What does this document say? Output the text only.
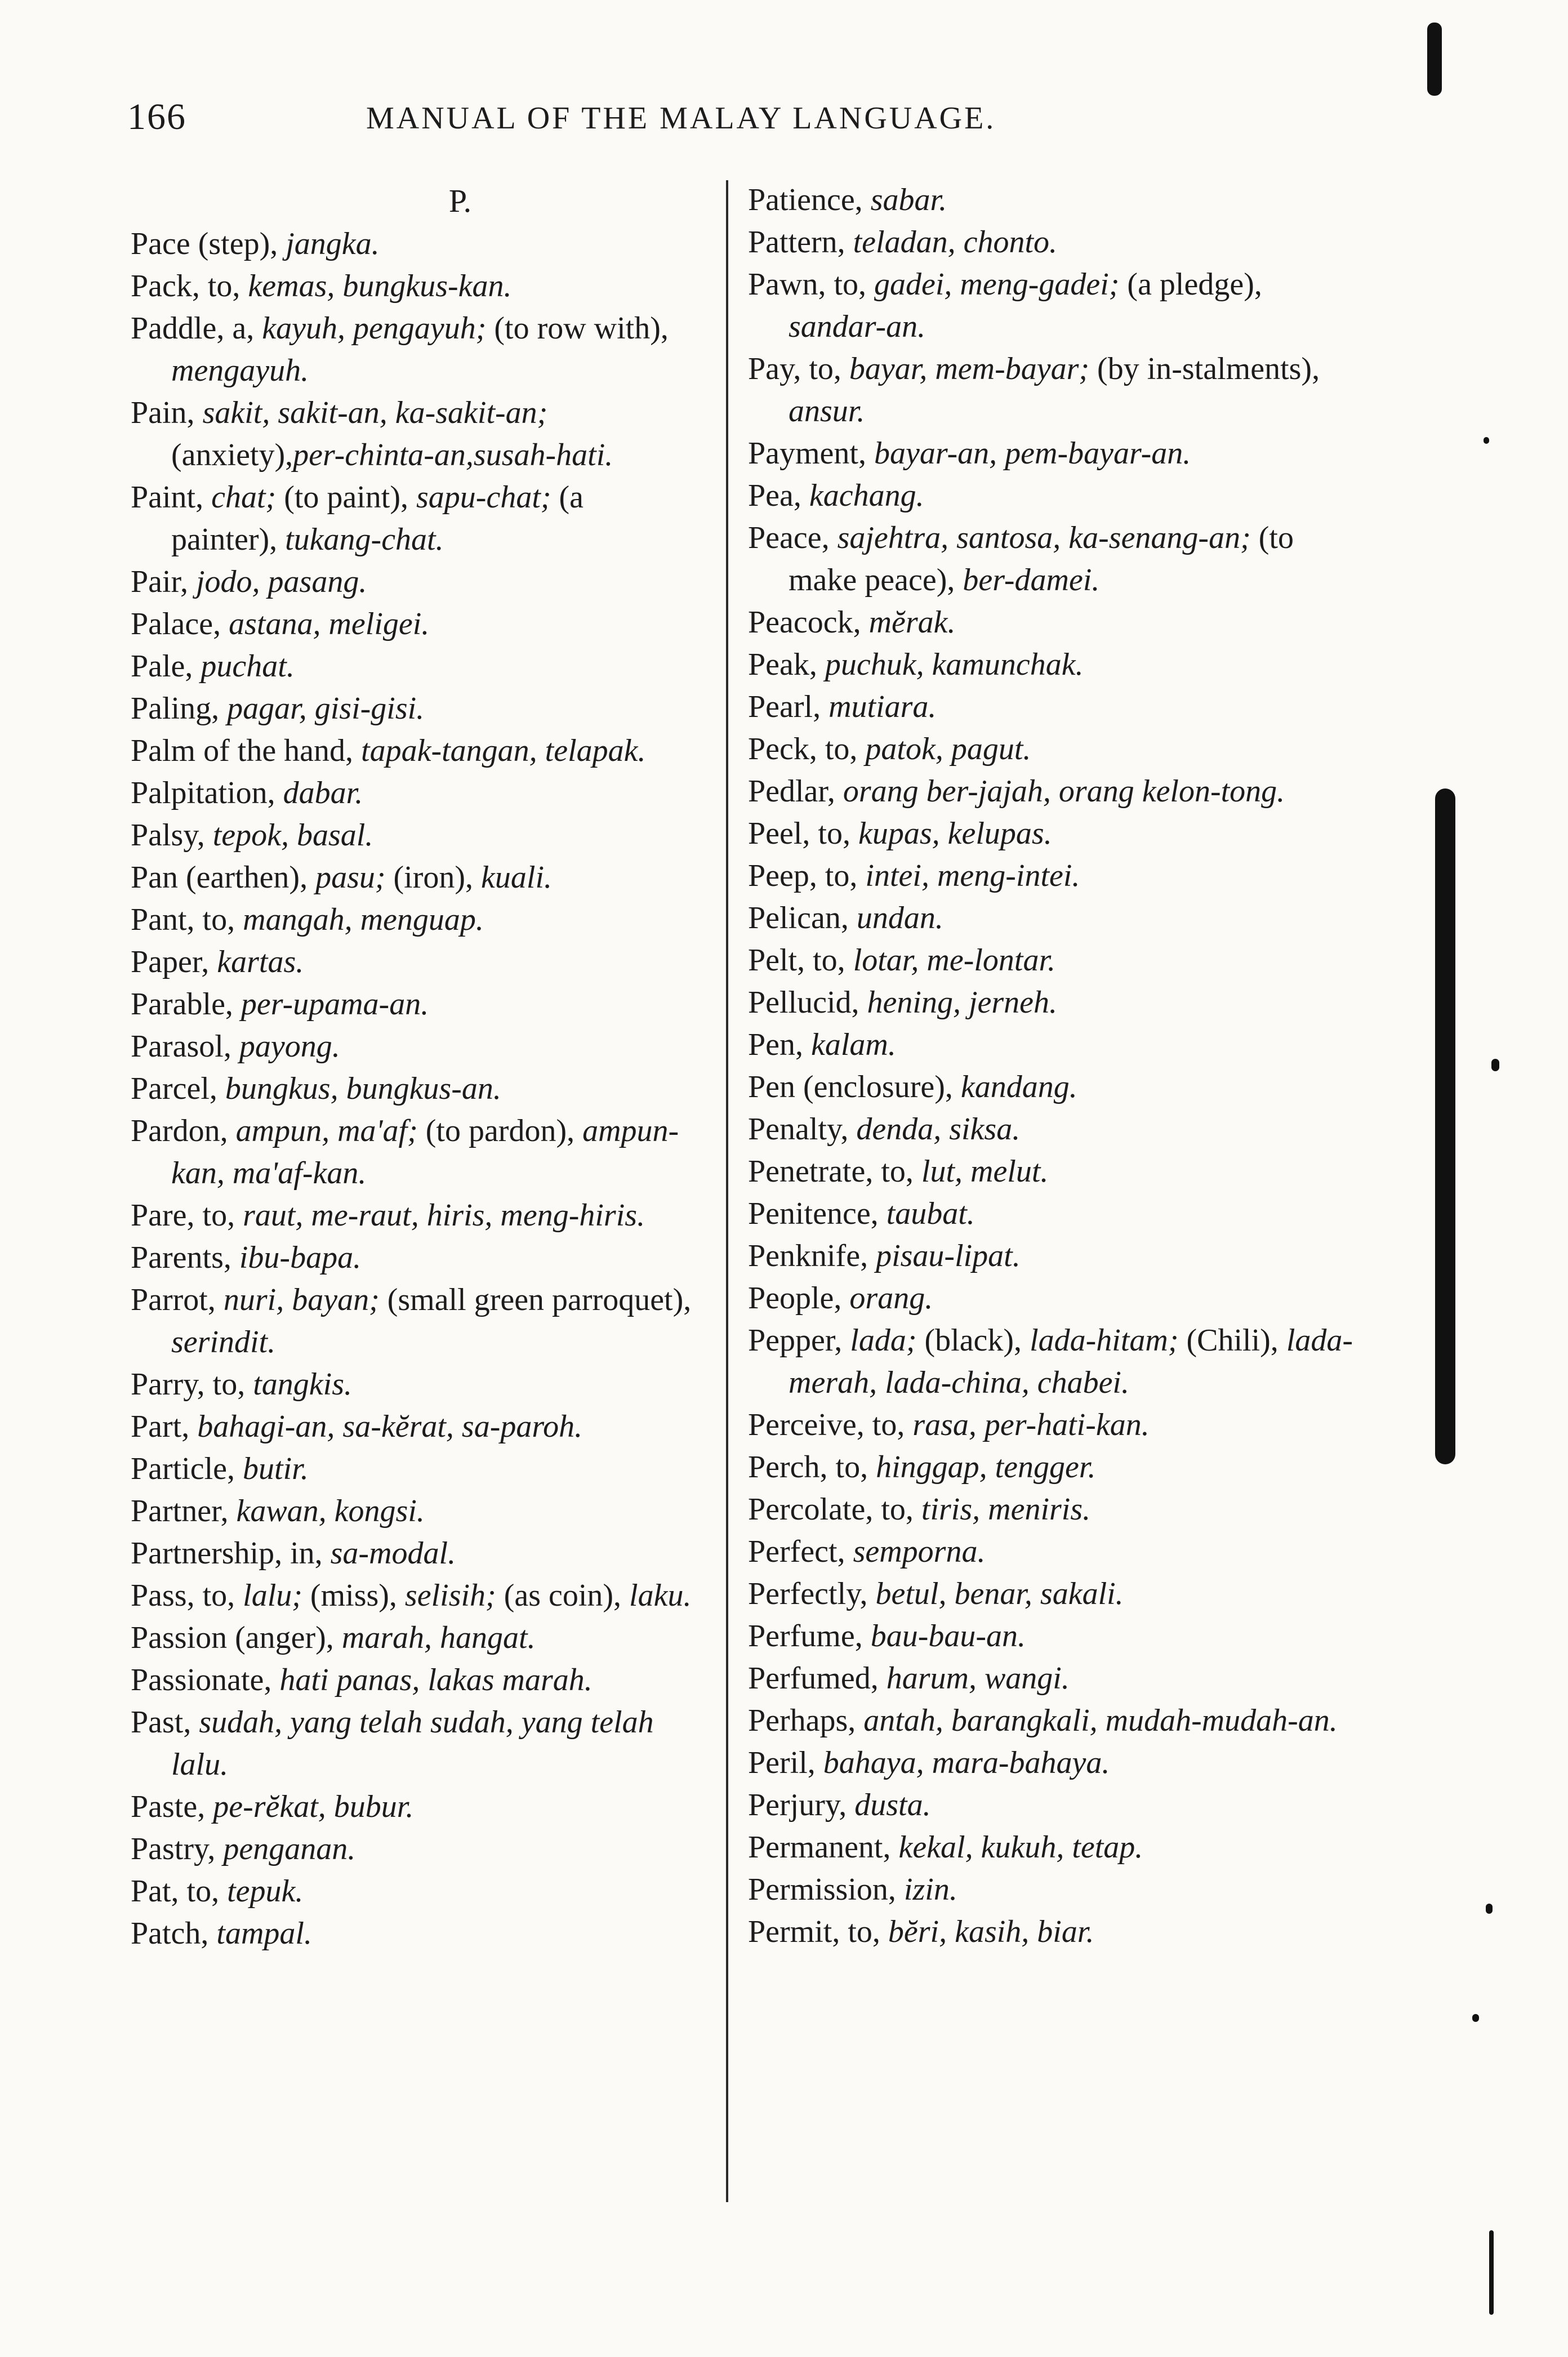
166	MANUAL OF THE MALAY LANGUAGE.
P.

Pace (step), jangka.

Pack, to, kemas, bungkus-kan.

Paddle, a, kayuh, pengayuh; (to row with), mengayuh.

Pain, sakit, sakit-an, ka-sakit-an; (anxiety),per-chinta-an,susah-hati.

Paint, chat; (to paint), sapu-chat; (a painter), tukang-chat.

Pair, jodo, pasang.

Palace, astana, meligei.

Pale, puchat.

Paling, pagar, gisi-gisi.

Palm of the hand, tapak-tangan, telapak.

Palpitation, dabar.

Palsy, tepok, basal.

Pan (earthen), pasu; (iron), kuali.

Pant, to, mangah, menguap.

Paper, kartas.

Parable, per-upama-an.

Parasol, payong.

Parcel, bungkus, bungkus-an.

Pardon, ampun, ma'af; (to pardon), ampun-kan, ma'af-kan.

Pare, to, raut, me-raut, hiris, meng-hiris.

Parents, ibu-bapa.

Parrot, nuri, bayan; (small green parroquet), serindit.

Parry, to, tangkis.

Part, bahagi-an, sa-kĕrat, sa-paroh.

Particle, butir.

Partner, kawan, kongsi.

Partnership, in, sa-modal.

Pass, to, lalu; (miss), selisih; (as coin), laku.

Passion (anger), marah, hangat.

Passionate, hati panas, lakas marah.

Past, sudah, yang telah sudah, yang telah lalu.

Paste, pe-rĕkat, bubur.

Pastry, penganan.

Pat, to, tepuk.

Patch, tampal.

Patience, sabar.

Pattern, teladan, chonto.

Pawn, to, gadei, meng-gadei; (a pledge), sandar-an.

Pay, to, bayar, mem-bayar; (by in-stalments), ansur.

Payment, bayar-an, pem-bayar-an.

Pea, kachang.

Peace, sajehtra, santosa, ka-senang-an; (to make peace), ber-damei.

Peacock, mĕrak.

Peak, puchuk, kamunchak.

Pearl, mutiara.

Peck, to, patok, pagut.

Pedlar, orang ber-jajah, orang kelon-tong.

Peel, to, kupas, kelupas.

Peep, to, intei, meng-intei.

Pelican, undan.

Pelt, to, lotar, me-lontar.

Pellucid, hening, jerneh.

Pen, kalam.

Pen (enclosure), kandang.

Penalty, denda, siksa.

Penetrate, to, lut, melut.

Penitence, taubat.

Penknife, pisau-lipat.

People, orang.

Pepper, lada; (black), lada-hitam; (Chili), lada-merah, lada-china, chabei.

Perceive, to, rasa, per-hati-kan.

Perch, to, hinggap, tengger.

Percolate, to, tiris, meniris.

Perfect, semporna.

Perfectly, betul, benar, sakali.

Perfume, bau-bau-an.

Perfumed, harum, wangi.

Perhaps, antah, barangkali, mudah-mudah-an.

Peril, bahaya, mara-bahaya.

Perjury, dusta.

Permanent, kekal, kukuh, tetap.

Permission, izin.

Permit, to, bĕri, kasih, biar.
